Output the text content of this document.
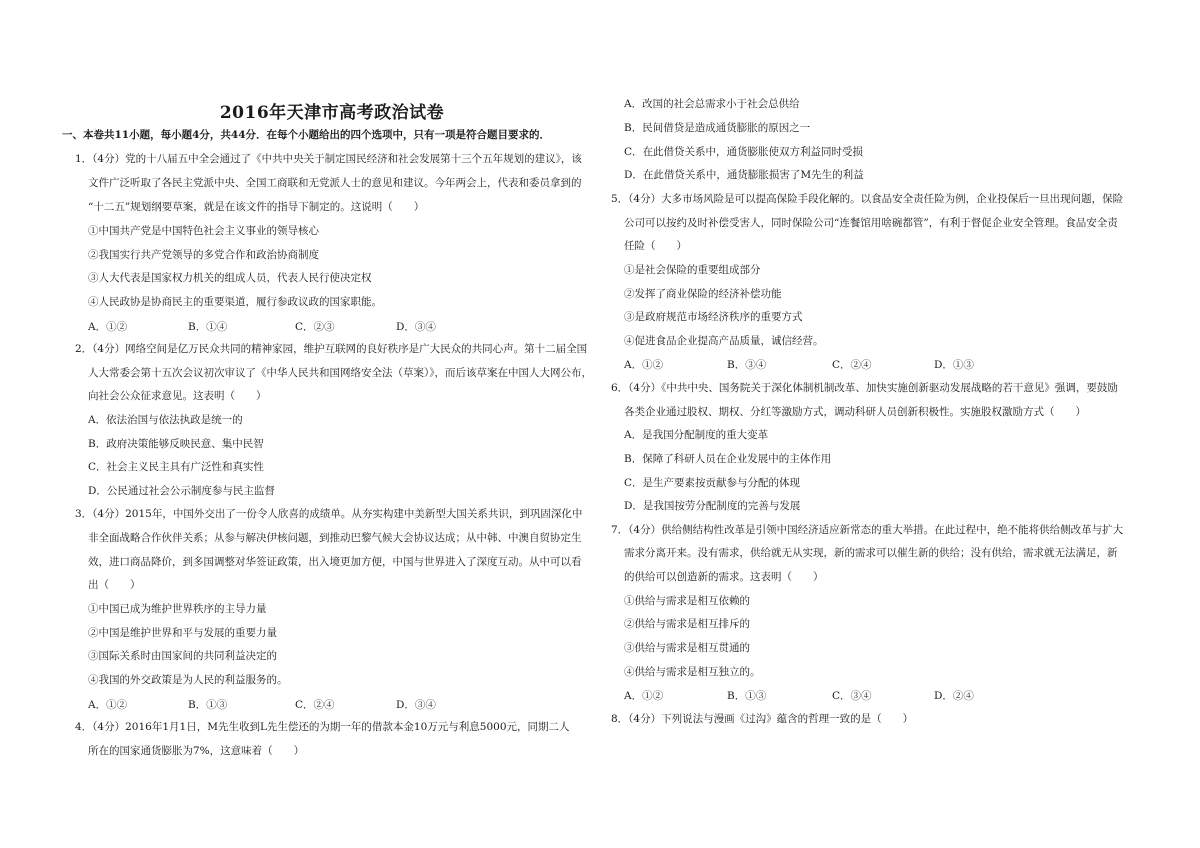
2016年天津市高考政治试卷
一、本卷共11小题，每小题4分，共44分．在每个小题给出的四个选项中，只有一项是符合题目要求的．
1．（4分）党的十八届五中全会通过了《中共中央关于制定国民经济和社会发展第十三个五年规划的建议》，该
文件广泛听取了各民主党派中央、全国工商联和无党派人士的意见和建议。今年两会上，代表和委员拿到的
“十二五”规划纲要草案，就是在该文件的指导下制定的。这说明（　　）
①中国共产党是中国特色社会主义事业的领导核心
②我国实行共产党领导的多党合作和政治协商制度
③人大代表是国家权力机关的组成人员，代表人民行使决定权
④人民政协是协商民主的重要渠道，履行参政议政的国家职能。
A．①②	B．①④	C．②③	D．③④
2．（4分）网络空间是亿万民众共同的精神家园，维护互联网的良好秩序是广大民众的共同心声。第十二届全国
人大常委会第十五次会议初次审议了《中华人民共和国网络安全法（草案）》，而后该草案在中国人大网公布，
向社会公众征求意见。这表明（　　）
A．依法治国与依法执政是统一的
B．政府决策能够反映民意、集中民智
C．社会主义民主具有广泛性和真实性
D．公民通过社会公示制度参与民主监督
3．（4分）2015年，中国外交出了一份令人欣喜的成绩单。从夯实构建中美新型大国关系共识，到巩固深化中
非全面战略合作伙伴关系；从参与解决伊核问题，到推动巴黎气候大会协议达成；从中韩、中澳自贸协定生
效，进口商品降价，到多国调整对华签证政策，出入境更加方便，中国与世界进入了深度互动。从中可以看
出（　　）
①中国已成为维护世界秩序的主导力量
②中国是维护世界和平与发展的重要力量
③国际关系时由国家间的共同利益决定的
④我国的外交政策是为人民的利益服务的。
A．①②	B．①③	C．②④	D．③④
4．（4分）2016年1月1日，M先生收到L先生偿还的为期一年的借款本金10万元与利息5000元，同期二人
所在的国家通货膨胀为7%，这意味着（　　）
A．改国的社会总需求小于社会总供给
B．民间借贷是造成通货膨胀的原因之一
C．在此借贷关系中，通货膨胀使双方利益同时受损
D．在此借贷关系中，通货膨胀损害了M先生的利益
5．（4分）大多市场风险是可以提高保险手段化解的。以食品安全责任险为例，企业投保后一旦出现问题，保险
公司可以按约及时补偿受害人，同时保险公司“连餐馆用啥碗都管”，有利于督促企业安全管理。食品安全责
任险（　　）
①是社会保险的重要组成部分
②发挥了商业保险的经济补偿功能
③是政府规范市场经济秩序的重要方式
④促进食品企业提高产品质量，诚信经营。
A．①②	B．③④	C．②④	D．①③
6．（4分）《中共中央、国务院关于深化体制机制改革、加快实施创新驱动发展战略的若干意见》强调，要鼓励
各类企业通过股权、期权、分红等激励方式，调动科研人员创新积极性。实施股权激励方式（　　）
A．是我国分配制度的重大变革
B．保障了科研人员在企业发展中的主体作用
C．是生产要素按贡献参与分配的体现
D．是我国按劳分配制度的完善与发展
7．（4分）供给侧结构性改革是引领中国经济适应新常态的重大举措。在此过程中，绝不能将供给侧改革与扩大
需求分离开来。没有需求，供给就无从实现，新的需求可以催生新的供给；没有供给，需求就无法满足，新
的供给可以创造新的需求。这表明（　　）
①供给与需求是相互依赖的
②供给与需求是相互排斥的
③供给与需求是相互贯通的
④供给与需求是相互独立的。
A．①②	B．①③	C．③④	D．②④
8．（4分）下列说法与漫画《过沟》蕴含的哲理一致的是（　　）
